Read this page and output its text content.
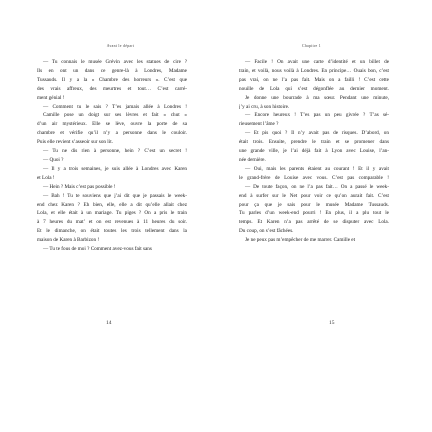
Avant le départ
— Tu connais le musée Grévin avec les statues de cire ?
Ils en ont un dans ce genre-là à Londres, Madame
Tussauds. Il y a la « Chambre des horreurs ». C’est que
des vrais affreux, des meurtres et tout… C’est carré-
ment génial !
— Comment tu le sais ? T’es jamais allée à Londres !
Camille pose un doigt sur ses lèvres et fait « chut »
d’un air mystérieux. Elle se lève, ouvre la porte de sa
chambre et vérifie qu’il n’y a personne dans le couloir.
Puis elle revient s’asseoir sur son lit.
— Tu ne dis rien à personne, hein ? C’est un secret !
— Quoi ?
— Il y a trois semaines, je suis allée à Londres avec Karen
et Lola !
— Hein ? Mais c’est pas possible !
— Bah ! Tu te souviens que j’ai dit que je passais le week-
end chez Karen ? Eh bien, elle, elle a dit qu’elle allait chez
Lola, et elle était à un mariage. Tu piges ? On a pris le train
à 7 heures du mat’ et on est revenues à 11 heures du soir.
Et le dimanche, on était toutes les trois tellement dans la
maison de Karen à Barbizon !
— Tu te fous de moi ? Comment avez-vous fait sans
14
Chapitre 1
— Facile ! On avait une carte d’identité et un billet de
train, et voilà, nous voilà à Londres. En principe… Ouais bon, c’est
pas vrai, on ne l’a pas fait. Mais on a failli ! C’est cette
nouille de Lola qui s’est dégonflée au dernier moment.
Je donne une bourrade à ma sœur. Pendant une minute,
j’y ai cru, à son histoire.
— Encore heureux ! T’es pas un peu givrée ? T’as sé-
rieusement l’âme ?
— Et pis quoi ? Il n’y avait pas de risques. D’abord, on
était trois. Ensuite, prendre le train et se promener dans
une grande ville, je l’ai déjà fait à Lyon avec Louise, l’an-
née dernière.
— Oui, mais les parents étaient au courant ! Et il y avait
le grand-frère de Louise avec vous. C’est pas comparable !
— De toute façon, on ne l’a pas fait… On a passé le week-
end à surfer sur le Net pour voir ce qu’on aurait fait. C’est
pour ça que je sais pour le musée Madame Tussauds.
Tu parles d’un week-end pourri ! En plus, il a plu tout le
temps. Et Karen n’a pas arrêté de se disputer avec Lola.
Du coup, on s’est fâchées.
Je ne peux pas m’empêcher de me marrer. Camille et
15
